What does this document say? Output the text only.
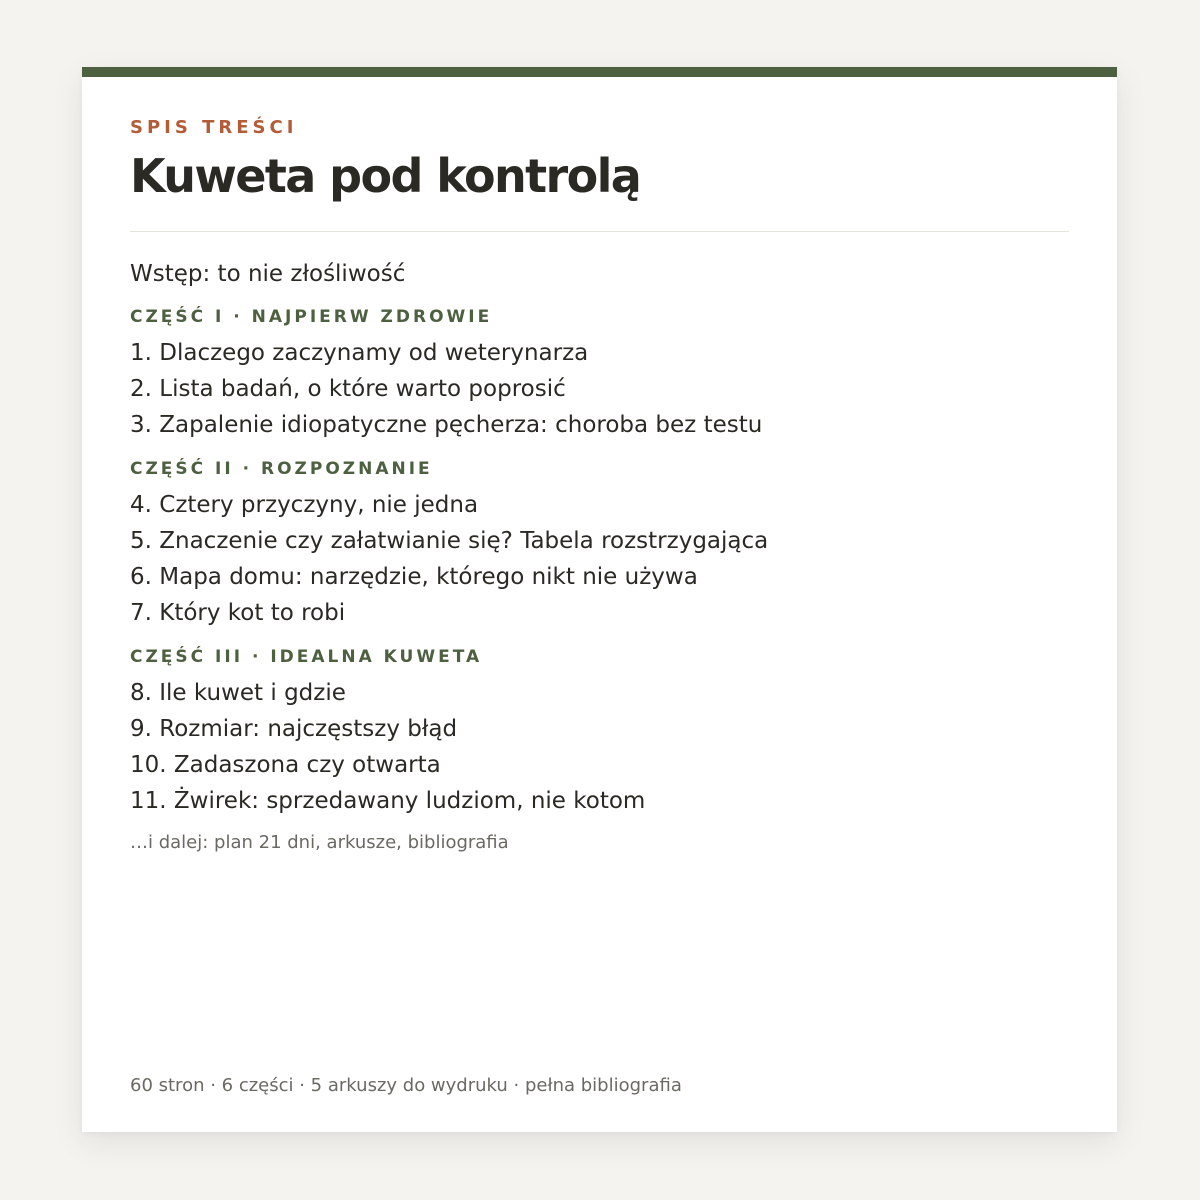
SPIS TREŚCI
Kuweta pod kontrolą
Wstęp: to nie złośliwość
CZĘŚĆ I · NAJPIERW ZDROWIE
1. Dlaczego zaczynamy od weterynarza
2. Lista badań, o które warto poprosić
3. Zapalenie idiopatyczne pęcherza: choroba bez testu
CZĘŚĆ II · ROZPOZNANIE
4. Cztery przyczyny, nie jedna
5. Znaczenie czy załatwianie się? Tabela rozstrzygająca
6. Mapa domu: narzędzie, którego nikt nie używa
7. Który kot to robi
CZĘŚĆ III · IDEALNA KUWETA
8. Ile kuwet i gdzie
9. Rozmiar: najczęstszy błąd
10. Zadaszona czy otwarta
11. Żwirek: sprzedawany ludziom, nie kotom
…i dalej: plan 21 dni, arkusze, bibliografia
60 stron · 6 części · 5 arkuszy do wydruku · pełna bibliografia
